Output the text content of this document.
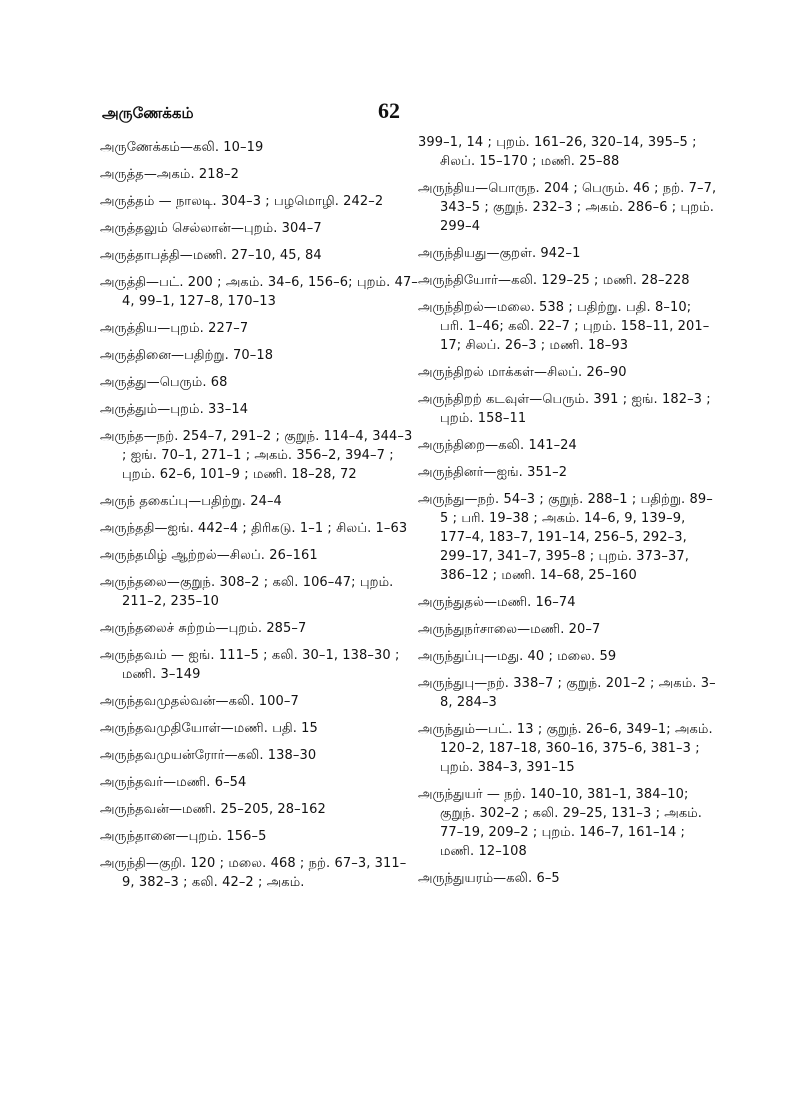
அருணேக்கம்	62
அருணேக்கம்—கலி. 10–19
அருத்த—அகம். 218–2
அருத்தம் — நாலடி. 304–3 ; பழமொழி. 242–2
அருத்தலும் செல்லான்—புறம். 304–7
அருத்தாபத்தி—மணி. 27–10, 45, 84
அருத்தி—பட். 200 ; அகம். 34–6, 156–6; புறம். 47–4, 99–1, 127–8, 170–13
அருத்திய—புறம். 227–7
அருத்தினை—பதிற்று. 70–18
அருத்து—பெரும். 68
அருத்தும்—புறம். 33–14
அருந்த—நற். 254–7, 291–2 ; குறுந். 114–4, 344–3 ; ஐங். 70–1, 271–1 ; அகம். 356–2, 394–7 ; புறம். 62–6, 101–9 ; மணி. 18–28, 72
அருந் தகைப்பு—பதிற்று. 24–4
அருந்ததி—ஐங். 442–4 ; திரிகடு. 1–1 ; சிலப். 1–63
அருந்தமிழ் ஆற்றல்—சிலப். 26–161
அருந்தலை—குறுந். 308–2 ; கலி. 106–47; புறம். 211–2, 235–10
அருந்தலைச் சுற்றம்—புறம். 285–7
அருந்தவம் — ஐங். 111–5 ; கலி. 30–1, 138–30 ; மணி. 3–149
அருந்தவமுதல்வன்—கலி. 100–7
அருந்தவமுதியோள்—மணி. பதி. 15
அருந்தவமுயன்ரோர்—கலி. 138–30
அருந்தவர்—மணி. 6–54
அருந்தவன்—மணி. 25–205, 28–162
அருந்தானை—புறம். 156–5
அருந்தி—குறி. 120 ; மலை. 468 ; நற். 67–3, 311–9, 382–3 ; கலி. 42–2 ; அகம்.
399–1, 14 ; புறம். 161–26, 320–14, 395–5 ; சிலப். 15–170 ; மணி. 25–88
அருந்திய—பொருந. 204 ; பெரும். 46 ; நற். 7–7, 343–5 ; குறுந். 232–3 ; அகம். 286–6 ; புறம். 299–4
அருந்தியது—குறள். 942–1
அருந்தியோர்—கலி. 129–25 ; மணி. 28–228
அருந்திறல்—மலை. 538 ; பதிற்று. பதி. 8–10; பரி. 1–46; கலி. 22–7 ; புறம். 158–11, 201–17; சிலப். 26–3 ; மணி. 18–93
அருந்திறல் மாக்கள்—சிலப். 26–90
அருந்திறற் கடவுள்—பெரும். 391 ; ஐங். 182–3 ; புறம். 158–11
அருந்திறை—கலி. 141–24
அருந்தினர்—ஐங். 351–2
அருந்து—நற். 54–3 ; குறுந். 288–1 ; பதிற்று. 89–5 ; பரி. 19–38 ; அகம். 14–6, 9, 139–9, 177–4, 183–7, 191–14, 256–5, 292–3, 299–17, 341–7, 395–8 ; புறம். 373–37, 386–12 ; மணி. 14–68, 25–160
அருந்துதல்—மணி. 16–74
அருந்துநர்சாலை—மணி. 20–7
அருந்துப்பு—மது. 40 ; மலை. 59
அருந்துபு—நற். 338–7 ; குறுந். 201–2 ; அகம். 3–8, 284–3
அருந்தும்—பட். 13 ; குறுந். 26–6, 349–1; அகம். 120–2, 187–18, 360–16, 375–6, 381–3 ; புறம். 384–3, 391–15
அருந்துயர் — நற். 140–10, 381–1, 384–10; குறுந். 302–2 ; கலி. 29–25, 131–3 ; அகம். 77–19, 209–2 ; புறம். 146–7, 161–14 ; மணி. 12–108
அருந்துயரம்—கலி. 6–5
